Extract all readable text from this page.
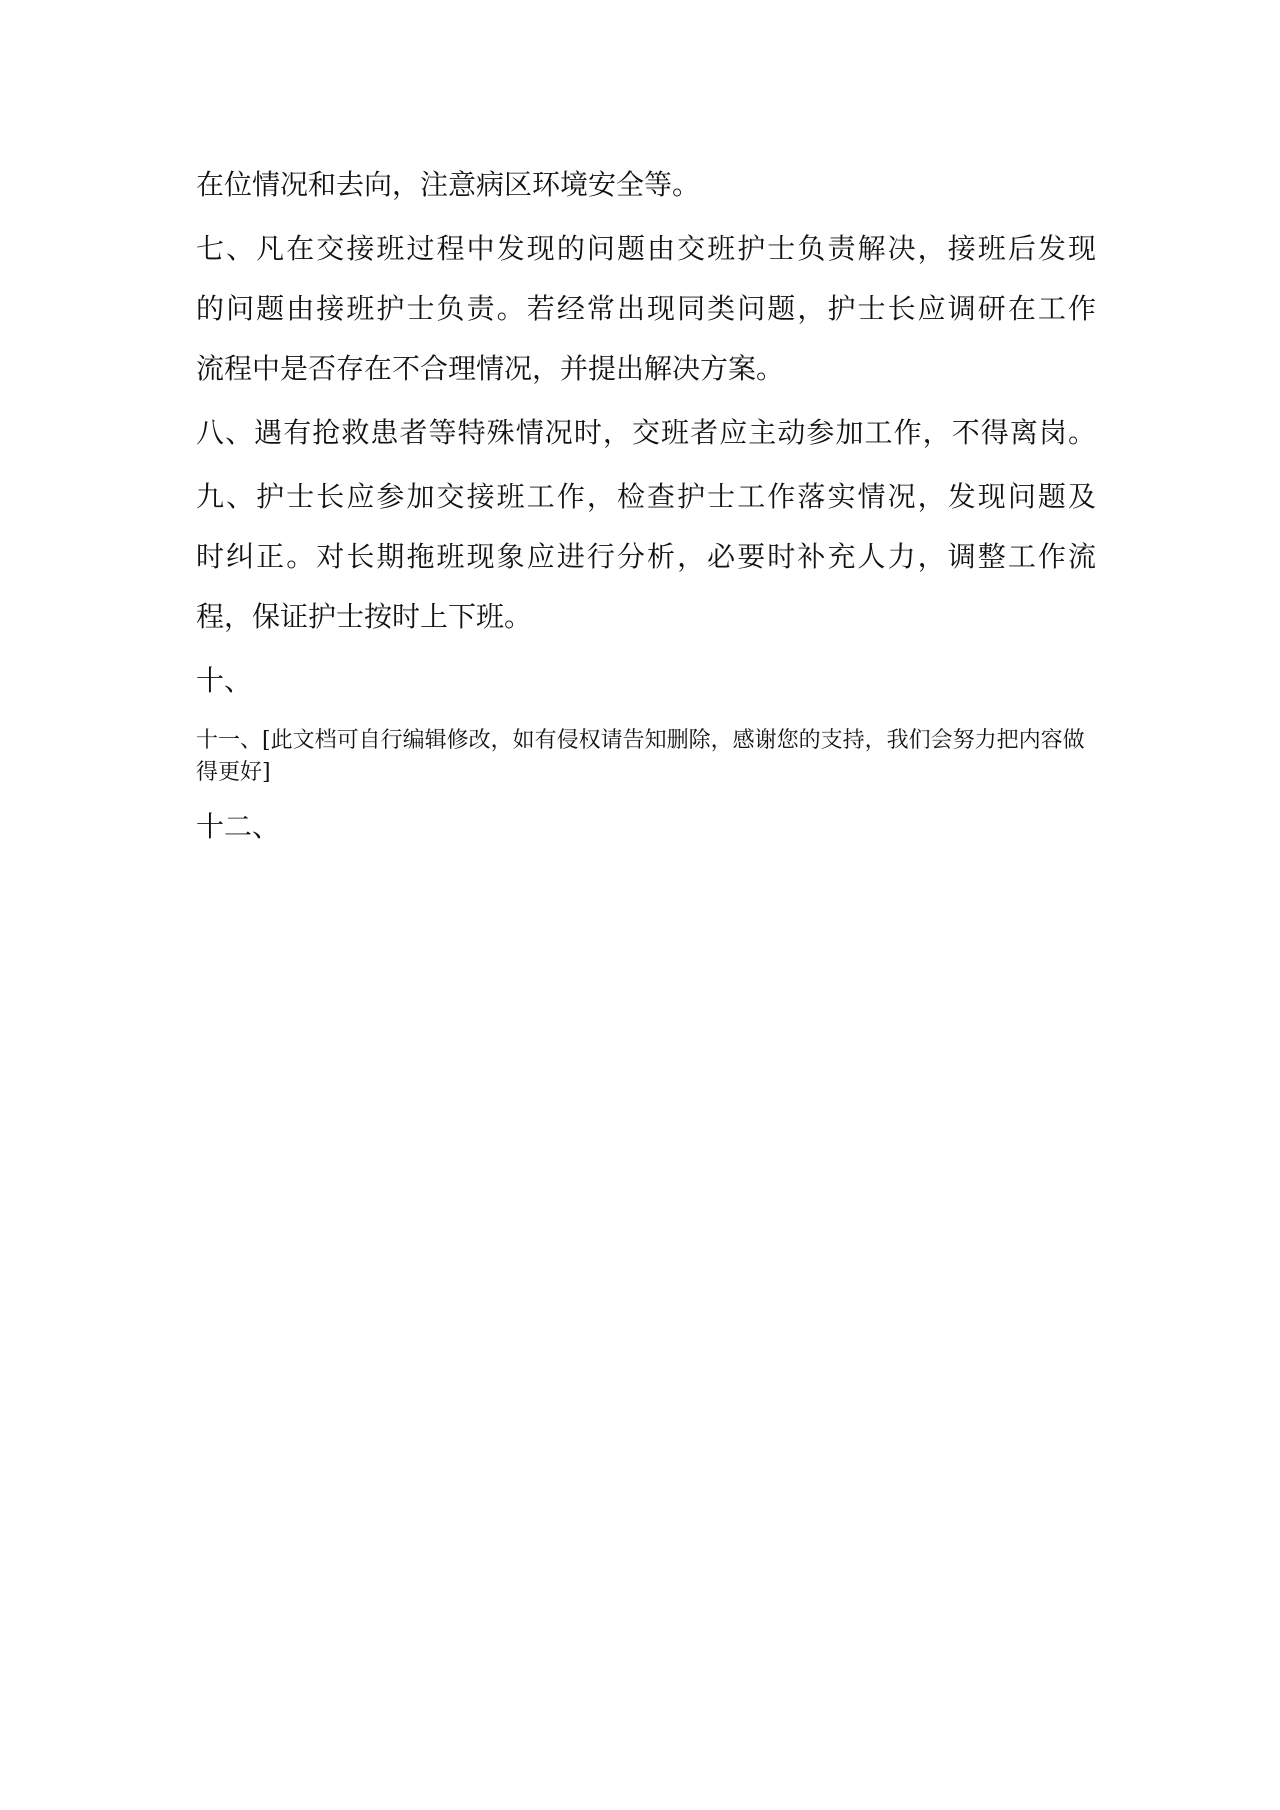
在位情况和去向，注意病区环境安全等。
七、凡在交接班过程中发现的问题由交班护士负责解决，接班后发现
的问题由接班护士负责。若经常出现同类问题，护士长应调研在工作
流程中是否存在不合理情况，并提出解决方案。
八、遇有抢救患者等特殊情况时，交班者应主动参加工作，不得离岗。
九、护士长应参加交接班工作，检查护士工作落实情况，发现问题及
时纠正。对长期拖班现象应进行分析，必要时补充人力，调整工作流
程，保证护士按时上下班。
十、
十一、[此文档可自行编辑修改，如有侵权请告知删除，感谢您的支持，我们会努力把内容做得更好]
十二、
